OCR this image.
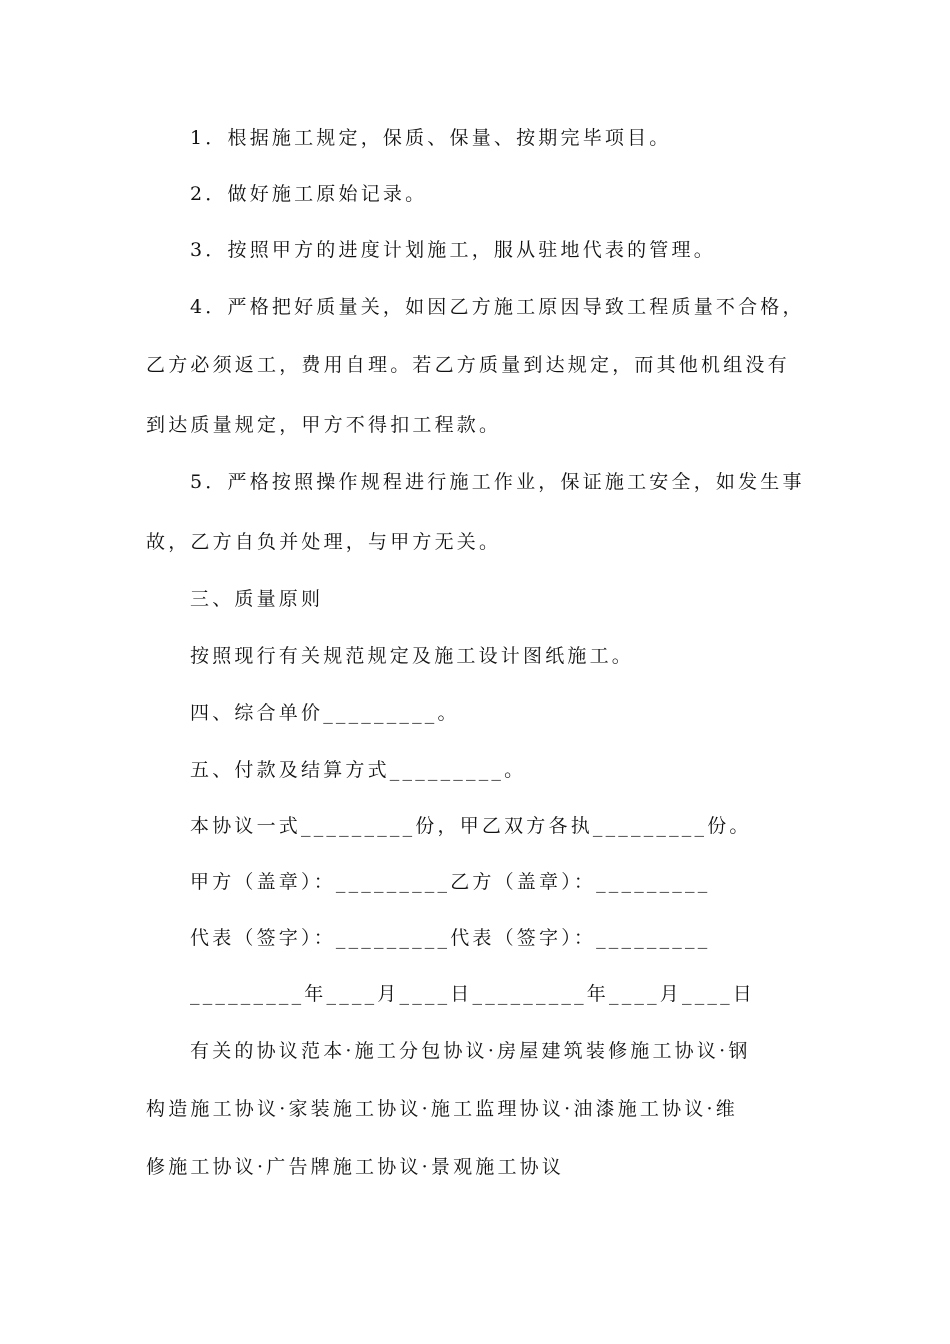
1．根据施工规定，保质、保量、按期完毕项目。
2．做好施工原始记录。
3．按照甲方的进度计划施工，服从驻地代表的管理。
4．严格把好质量关，如因乙方施工原因导致工程质量不合格，
乙方必须返工，费用自理。若乙方质量到达规定，而其他机组没有
到达质量规定，甲方不得扣工程款。
5．严格按照操作规程进行施工作业，保证施工安全，如发生事
故，乙方自负并处理，与甲方无关。
三、质量原则
按照现行有关规范规定及施工设计图纸施工。
四、综合单价_________。
五、付款及结算方式_________。
本协议一式_________份，甲乙双方各执_________份。
甲方（盖章）：_________乙方（盖章）：_________
代表（签字）：_________代表（签字）：_________
_________年____月____日_________年____月____日
有关的协议范本·施工分包协议·房屋建筑装修施工协议·钢
构造施工协议·家装施工协议·施工监理协议·油漆施工协议·维
修施工协议·广告牌施工协议·景观施工协议
